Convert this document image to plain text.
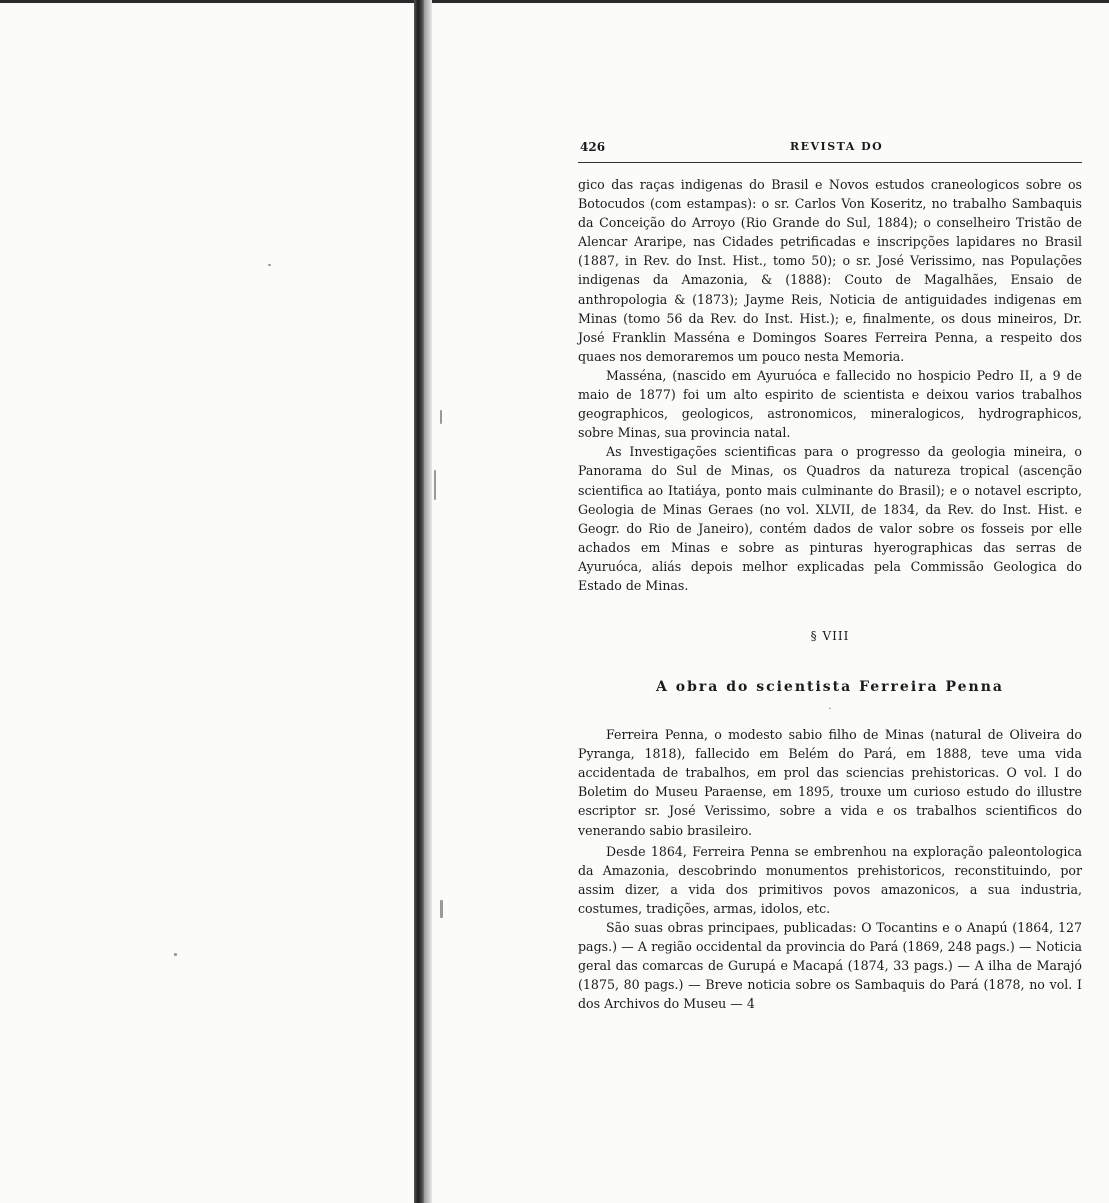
426	REVISTA DO

gico das raças indigenas do Brasil e Novos estudos craneologicos sobre os Botocudos (com estampas): o sr. Carlos Von Koseritz, no trabalho Sambaquis da Conceição do Arroyo (Rio Grande do Sul, 1884); o conselheiro Tristão de Alencar Araripe, nas Cidades petrificadas e inscripções lapidares no Brasil (1887, in Rev. do Inst. Hist., tomo 50); o sr. José Verissimo, nas Populações indigenas da Amazonia, & (1888): Couto de Magalhães, Ensaio de anthropologia & (1873); Jayme Reis, Noticia de antiguidades indigenas em Minas (tomo 56 da Rev. do Inst. Hist.); e, finalmente, os dous mineiros, Dr. José Franklin Masséna e Domingos Soares Ferreira Penna, a respeito dos quaes nos demoraremos um pouco nesta Memoria.

Masséna, (nascido em Ayuruóca e fallecido no hospicio Pedro II, a 9 de maio de 1877) foi um alto espirito de scientista e deixou varios trabalhos geographicos, geologicos, astronomicos, mineralogicos, hydrographicos, sobre Minas, sua provincia natal.

As Investigações scientificas para o progresso da geologia mineira, o Panorama do Sul de Minas, os Quadros da natureza tropical (ascenção scientifica ao Itatiáya, ponto mais culminante do Brasil); e o notavel escripto, Geologia de Minas Geraes (no vol. XLVII, de 1834, da Rev. do Inst. Hist. e Geogr. do Rio de Janeiro), contém dados de valor sobre os fosseis por elle achados em Minas e sobre as pinturas hyerographicas das serras de Ayuruóca, aliás depois melhor explicadas pela Commissão Geologica do Estado de Minas.

§ VIII
A obra do scientista Ferreira Penna
·

Ferreira Penna, o modesto sabio filho de Minas (natural de Oliveira do Pyranga, 1818), fallecido em Belém do Pará, em 1888, teve uma vida accidentada de trabalhos, em prol das sciencias prehistoricas. O vol. I do Boletim do Museu Paraense, em 1895, trouxe um curioso estudo do illustre escriptor sr. José Verissimo, sobre a vida e os trabalhos scientificos do venerando sabio brasileiro.

Desde 1864, Ferreira Penna se embrenhou na exploração paleontologica da Amazonia, descobrindo monumentos prehistoricos, reconstituindo, por assim dizer, a vida dos primitivos povos amazonicos, a sua industria, costumes, tradições, armas, idolos, etc.

São suas obras principaes, publicadas: O Tocantins e o Anapú (1864, 127 pags.) — A região occidental da provincia do Pará (1869, 248 pags.) — Noticia geral das comarcas de Gurupá e Macapá (1874, 33 pags.) — A ilha de Marajó (1875, 80 pags.) — Breve noticia sobre os Sambaquis do Pará (1878, no vol. I dos Archivos do Museu — 4
